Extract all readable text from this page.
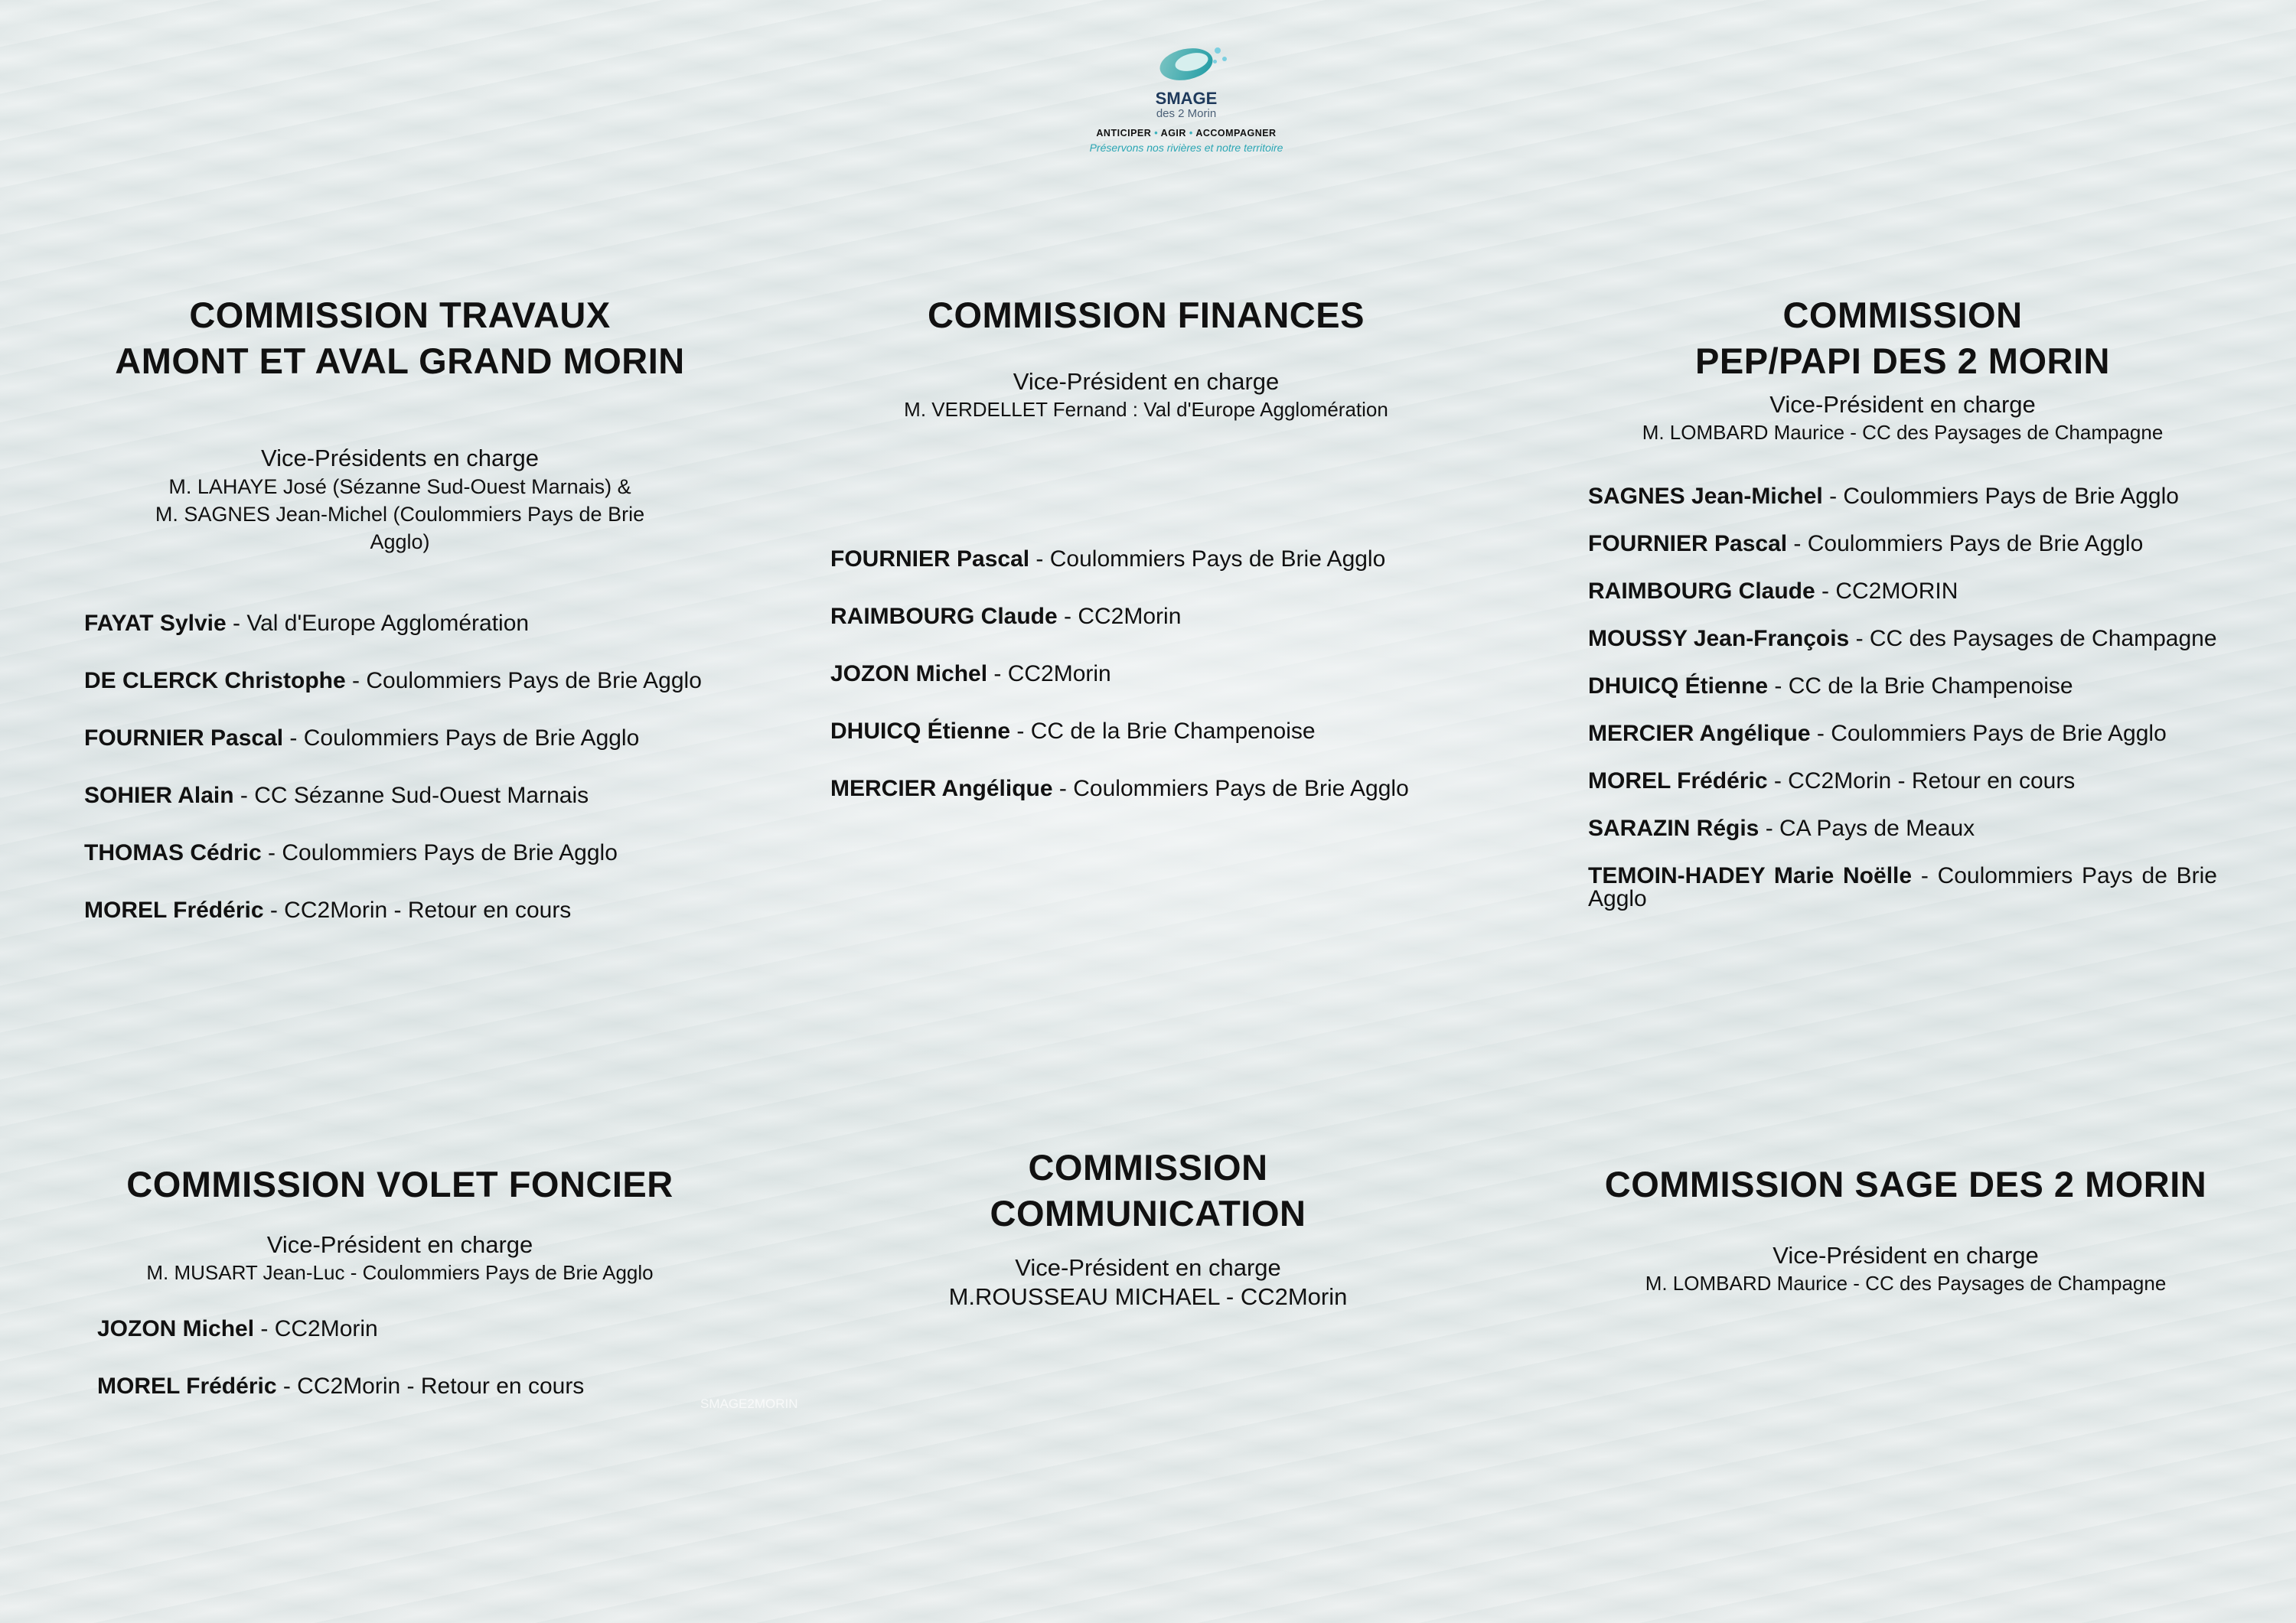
SMAGE
des 2 Morin
ANTICIPER • AGIR • ACCOMPAGNER
Préservons nos rivières et notre territoire
COMMISSION TRAVAUX
AMONT ET AVAL GRAND MORIN
Vice-Présidents en charge
M. LAHAYE José (Sézanne Sud-Ouest Marnais) &
M. SAGNES Jean-Michel (Coulommiers Pays de Brie
Agglo)
FAYAT Sylvie - Val d'Europe Agglomération
DE CLERCK Christophe - Coulommiers Pays de Brie Agglo
FOURNIER Pascal - Coulommiers Pays de Brie Agglo
SOHIER Alain - CC Sézanne Sud-Ouest Marnais
THOMAS Cédric - Coulommiers Pays de Brie Agglo
MOREL Frédéric - CC2Morin - Retour en cours
COMMISSION FINANCES
Vice-Président en charge
M. VERDELLET Fernand : Val d'Europe Agglomération
FOURNIER Pascal - Coulommiers Pays de Brie Agglo
RAIMBOURG Claude - CC2Morin
JOZON Michel - CC2Morin
DHUICQ Étienne - CC de la Brie Champenoise
MERCIER Angélique - Coulommiers Pays de Brie Agglo
COMMISSION
PEP/PAPI DES 2 MORIN
Vice-Président en charge
M. LOMBARD Maurice - CC des Paysages de Champagne
SAGNES Jean-Michel - Coulommiers Pays de Brie Agglo
FOURNIER Pascal - Coulommiers Pays de Brie Agglo
RAIMBOURG Claude - CC2MORIN
MOUSSY Jean-François - CC des Paysages de Champagne
DHUICQ Étienne - CC de la Brie Champenoise
MERCIER Angélique - Coulommiers Pays de Brie Agglo
MOREL Frédéric - CC2Morin - Retour en cours
SARAZIN Régis - CA Pays de Meaux
TEMOIN-HADEY Marie Noëlle - Coulommiers Pays de Brie Agglo
COMMISSION VOLET FONCIER
Vice-Président en charge
M. MUSART Jean-Luc - Coulommiers Pays de Brie Agglo
JOZON Michel - CC2Morin
MOREL Frédéric - CC2Morin - Retour en cours
COMMISSION
COMMUNICATION
Vice-Président en charge
M.ROUSSEAU MICHAEL - CC2Morin
COMMISSION SAGE DES 2 MORIN
Vice-Président en charge
M. LOMBARD Maurice - CC des Paysages de Champagne
SMAGE2MORIN
